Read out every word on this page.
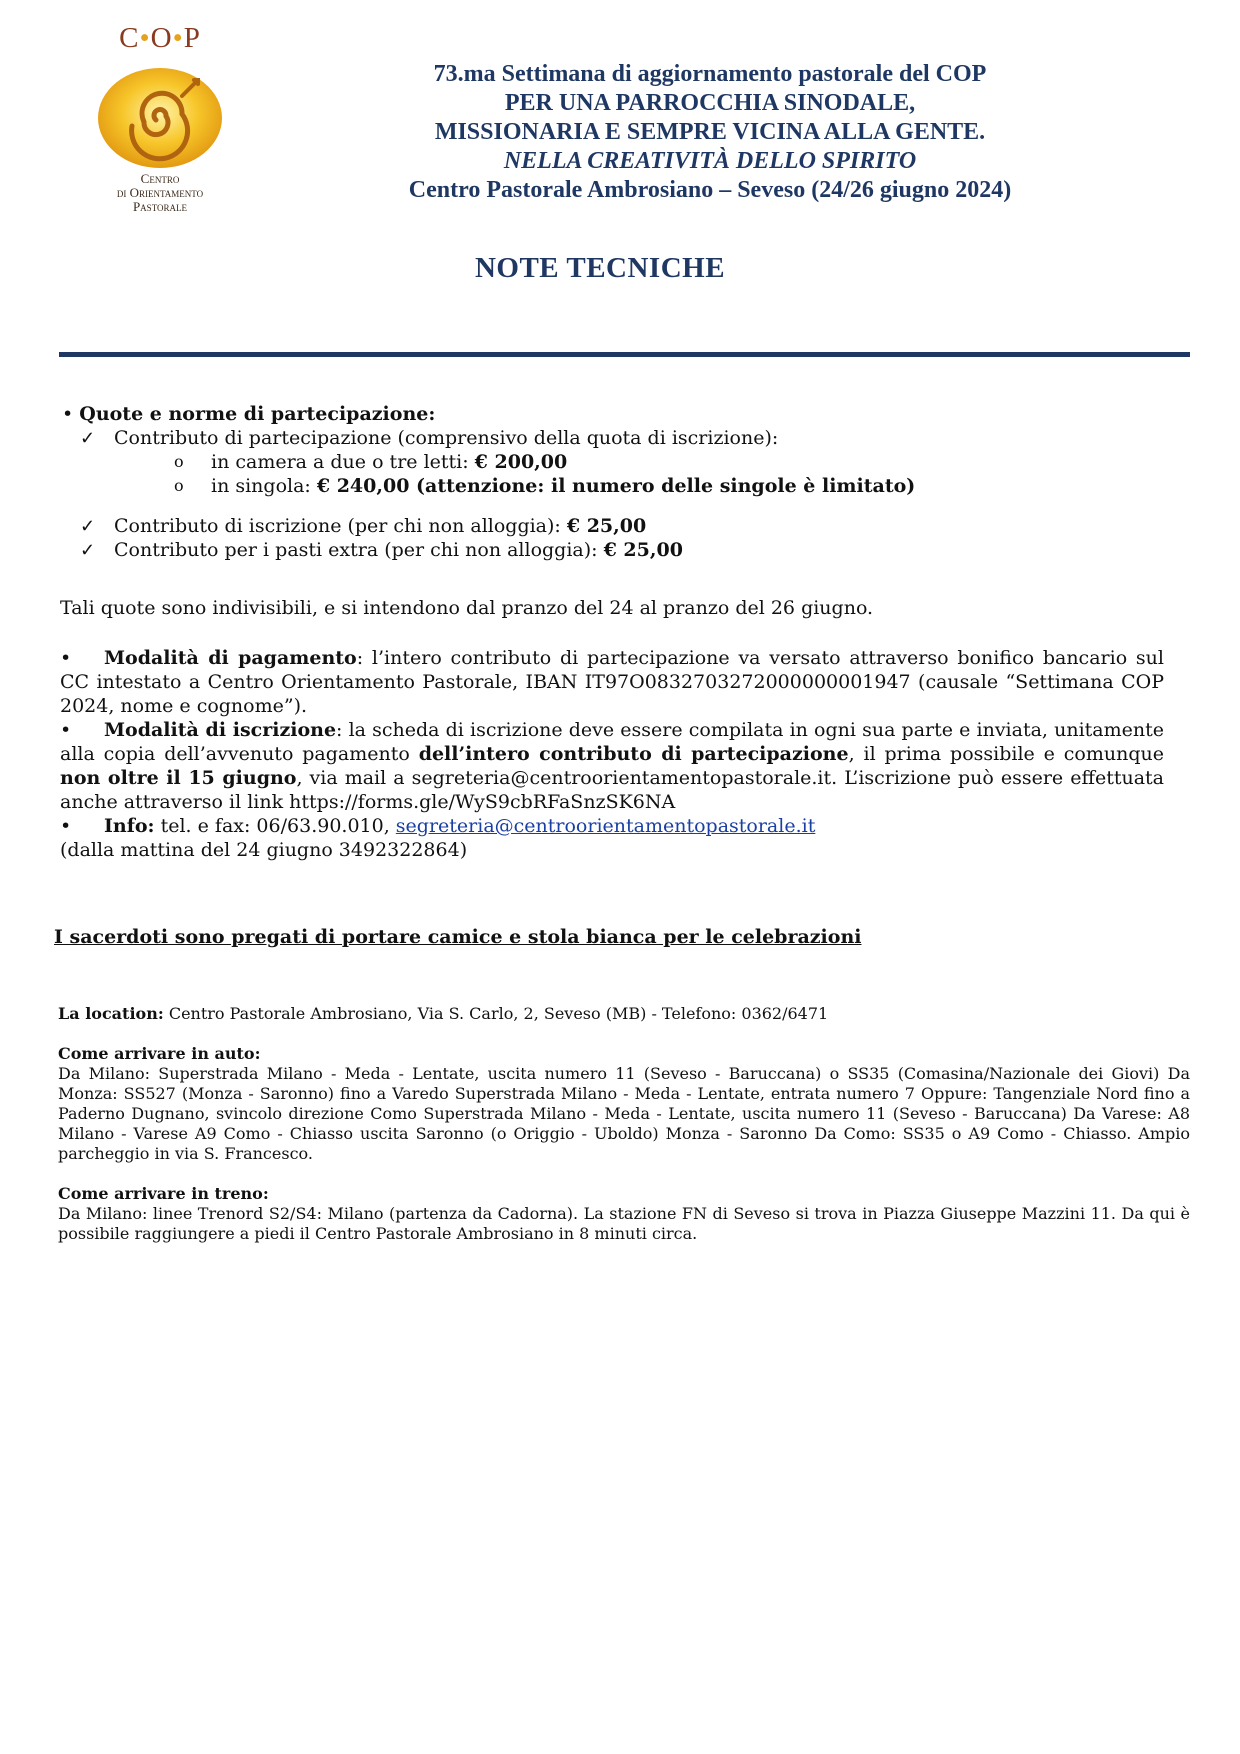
C•O•P
Centro
di Orientamento
Pastorale
73.ma Settimana di aggiornamento pastorale del COP
PER UNA PARROCCHIA SINODALE,
MISSIONARIA E SEMPRE VICINA ALLA GENTE.
NELLA CREATIVITÀ DELLO SPIRITO
Centro Pastorale Ambrosiano – Seveso (24/26 giugno 2024)
NOTE TECNICHE
• Quote e norme di partecipazione:
✓ Contributo di partecipazione (comprensivo della quota di iscrizione):
o in camera a due o tre letti: € 200,00
o in singola: € 240,00 (attenzione: il numero delle singole è limitato)
✓ Contributo di iscrizione (per chi non alloggia): € 25,00
✓ Contributo per i pasti extra (per chi non alloggia): € 25,00
Tali quote sono indivisibili, e si intendono dal pranzo del 24 al pranzo del 26 giugno.

• Modalità di pagamento: l’intero contributo di partecipazione va versato attraverso bonifico bancario sul CC intestato a Centro Orientamento Pastorale, IBAN IT97O0832703272000000001947 (causale “Settimana COP 2024, nome e cognome”).

• Modalità di iscrizione: la scheda di iscrizione deve essere compilata in ogni sua parte e inviata, unitamente alla copia dell’avvenuto pagamento dell’intero contributo di partecipazione, il prima possibile e comunque non oltre il 15 giugno, via mail a segreteria@centroorientamentopastorale.it. L’iscrizione può essere effettuata anche attraverso il link https://forms.gle/WyS9cbRFaSnzSK6NA

• Info: tel. e fax: 06/63.90.010, segreteria@centroorientamentopastorale.it

(dalla mattina del 24 giugno 3492322864)

I sacerdoti sono pregati di portare camice e stola bianca per le celebrazioni

La location: Centro Pastorale Ambrosiano, Via S. Carlo, 2, Seveso (MB) - Telefono: 0362/6471

Come arrivare in auto:

Da Milano: Superstrada Milano - Meda - Lentate, uscita numero 11 (Seveso - Baruccana) o SS35 (Comasina/Nazionale dei Giovi) Da Monza: SS527 (Monza - Saronno) fino a Varedo Superstrada Milano - Meda - Lentate, entrata numero 7 Oppure: Tangenziale Nord fino a Paderno Dugnano, svincolo direzione Como Superstrada Milano - Meda - Lentate, uscita numero 11 (Seveso - Baruccana) Da Varese: A8 Milano - Varese A9 Como - Chiasso uscita Saronno (o Origgio - Uboldo) Monza - Saronno Da Como: SS35 o A9 Como - Chiasso. Ampio parcheggio in via S. Francesco.

Come arrivare in treno:

Da Milano: linee Trenord S2/S4: Milano (partenza da Cadorna). La stazione FN di Seveso si trova in Piazza Giuseppe Mazzini 11. Da qui è possibile raggiungere a piedi il Centro Pastorale Ambrosiano in 8 minuti circa.
